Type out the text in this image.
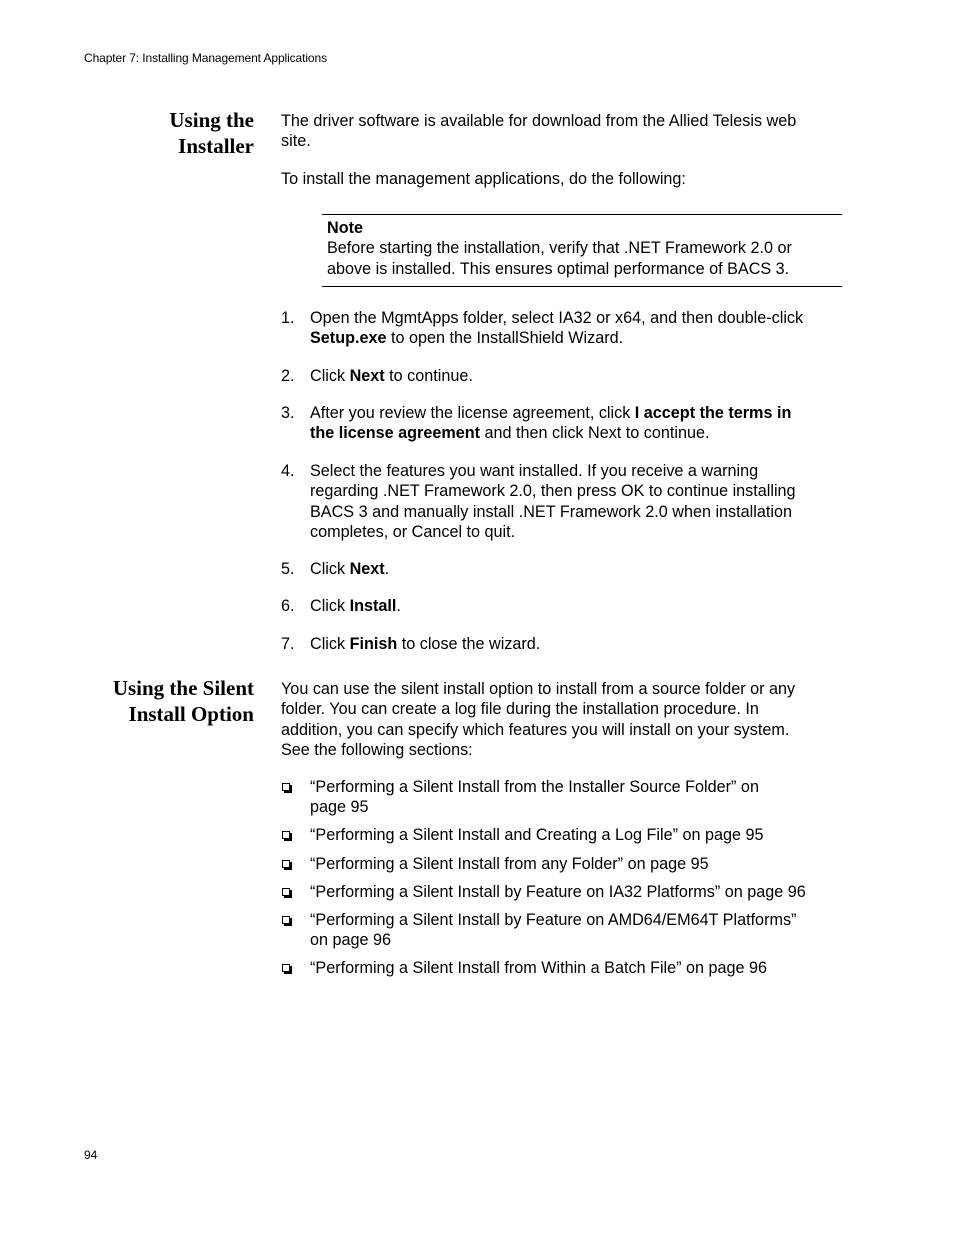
Chapter 7: Installing Management Applications
Using the
Installer
The driver software is available for download from the Allied Telesis web
site.
To install the management applications, do the following:
Note
Before starting the installation, verify that .NET Framework 2.0 or
above is installed. This ensures optimal performance of BACS 3.
1. Open the MgmtApps folder, select IA32 or x64, and then double-click
Setup.exe to open the InstallShield Wizard.
2. Click Next to continue.
3. After you review the license agreement, click I accept the terms in
the license agreement and then click Next to continue.
4. Select the features you want installed. If you receive a warning
regarding .NET Framework 2.0, then press OK to continue installing
BACS 3 and manually install .NET Framework 2.0 when installation
completes, or Cancel to quit.
5. Click Next.
6. Click Install.
7. Click Finish to close the wizard.
Using the Silent
Install Option
You can use the silent install option to install from a source folder or any
folder. You can create a log file during the installation procedure. In
addition, you can specify which features you will install on your system.
See the following sections:
“Performing a Silent Install from the Installer Source Folder” on
page 95
“Performing a Silent Install and Creating a Log File” on page 95
“Performing a Silent Install from any Folder” on page 95
“Performing a Silent Install by Feature on IA32 Platforms” on page 96
“Performing a Silent Install by Feature on AMD64/EM64T Platforms”
on page 96
“Performing a Silent Install from Within a Batch File” on page 96
94
